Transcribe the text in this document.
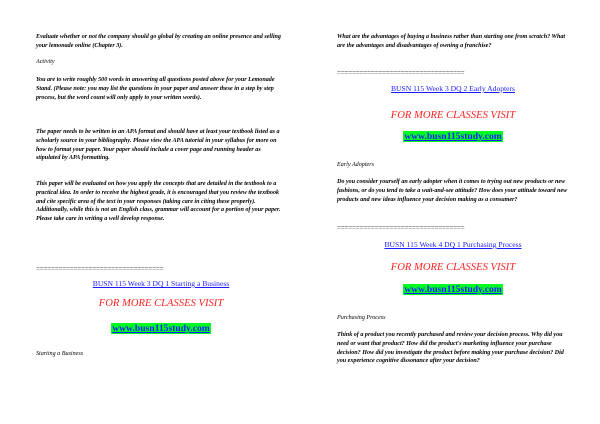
Evaluate whether or not the company should go global by creating an online presence and selling your lemonade online (Chapter 3).

Activity

You are to write roughly 500 words in answering all questions posted above for your Lemonade Stand. (Please note: you may list the questions in your paper and answer these in a step by step process, but the word count will only apply to your written words).

The paper needs to be written in an APA format and should have at least your textbook listed as a scholarly source in your bibliography. Please view the APA tutorial in your syllabus for more on how to format your paper. Your paper should include a cover page and running header as stipulated by APA formatting.

This paper will be evaluated on how you apply the concepts that are detailed in the textbook to a practical idea. In order to receive the highest grade, it is encouraged that you review the textbook and cite specific area of the text in your responses (taking care in citing these properly). Additionally, while this is not an English class, grammar will account for a portion of your paper. Please take care in writing a well develop response.

==================================

BUSN 115 Week 3 DQ 1 Starting a Business

FOR MORE CLASSES VISIT
www.busn115study.com

Starting a Business

What are the advantages of buying a business rather than starting one from scratch? What are the advantages and disadvantages of owning a franchise?

==================================

BUSN 115 Week 3 DQ 2 Early Adopters

FOR MORE CLASSES VISIT
www.busn115study.com

Early Adopters

Do you consider yourself an early adopter when it comes to trying out new products or new fashions, or do you tend to take a wait-and-see attitude? How does your attitude toward new products and new ideas influence your decision making as a consumer?

==================================

BUSN 115 Week 4 DQ 1 Purchasing Process

FOR MORE CLASSES VISIT
www.busn115study.com

Purchasing Process

Think of a product you recently purchased and review your decision process. Why did you need or want that product? How did the product's marketing influence your purchase decision? How did you investigate the product before making your purchase decision? Did you experience cognitive dissonance after your decision?
